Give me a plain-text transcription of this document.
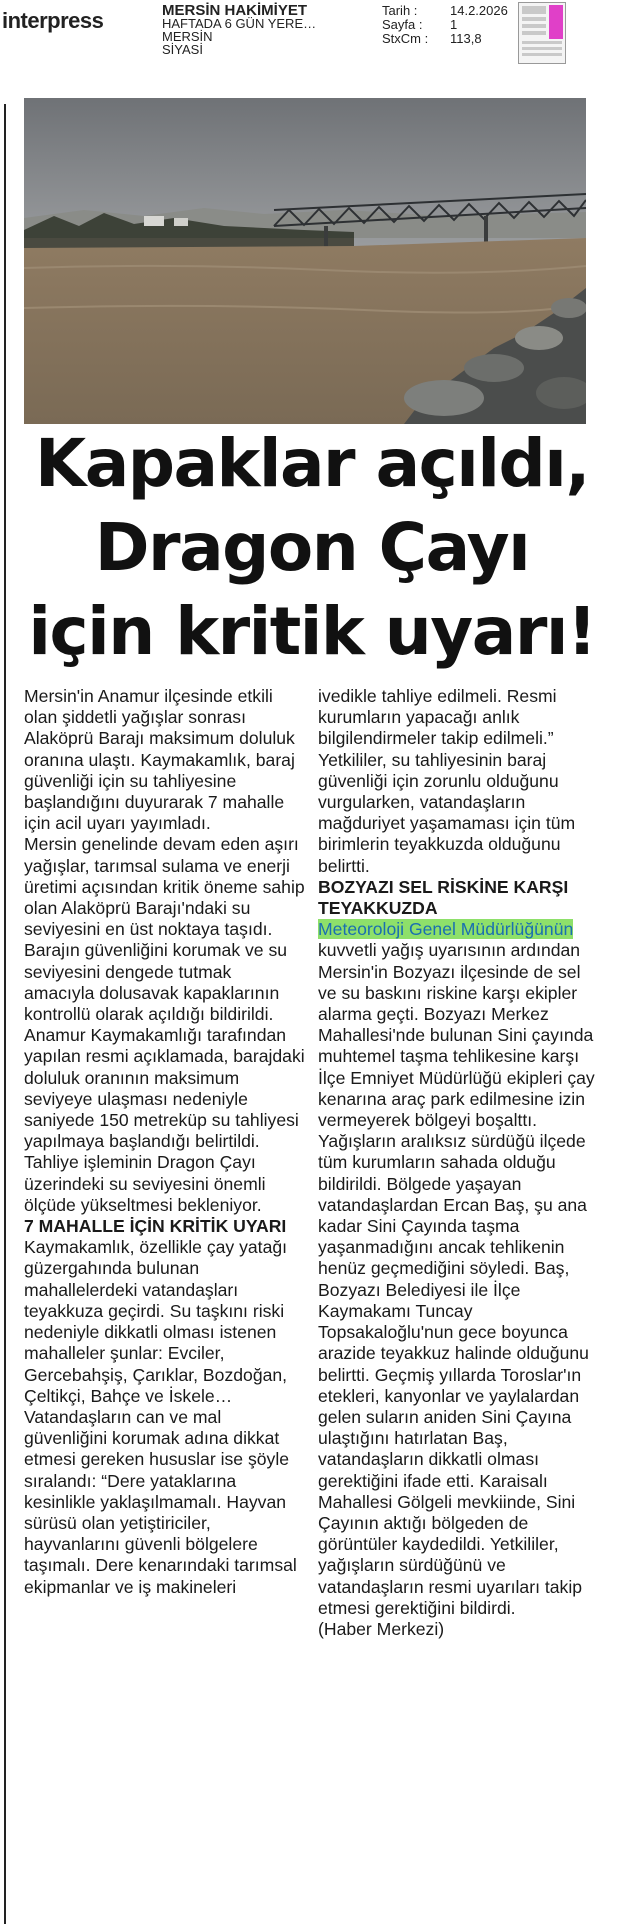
interpress	MERSİN HAKİMİYET
HAFTADA 6 GÜN YERE…
MERSİN
SİYASİ
Tarih :	14.2.2026
Sayfa :	1
StxCm :	113,8
Kapaklar açıldı,
Dragon Çayı
için kritik uyarı!

Mersin'in Anamur ilçesinde etkili olan şiddetli yağışlar sonrası Alaköprü Barajı maksimum doluluk oranına ulaştı. Kaymakamlık, baraj güvenliği için su tahliyesine başlandığını duyurarak 7 mahalle için acil uyarı yayımladı.

Mersin genelinde devam eden aşırı yağışlar, tarımsal sulama ve enerji üretimi açısından kritik öneme sahip olan Alaköprü Barajı'ndaki su seviyesini en üst noktaya taşıdı. Barajın güvenliğini korumak ve su seviyesini dengede tutmak amacıyla dolusavak kapaklarının kontrollü olarak açıldığı bildirildi. Anamur Kaymakamlığı tarafından yapılan resmi açıklamada, barajdaki doluluk oranının maksimum seviyeye ulaşması nedeniyle saniyede 150 metreküp su tahliyesi yapılmaya başlandığı belirtildi. Tahliye işleminin Dragon Çayı üzerindeki su seviyesini önemli ölçüde yükseltmesi bekleniyor.

7 MAHALLE İÇİN KRİTİK UYARI

Kaymakamlık, özellikle çay yatağı güzergahında bulunan mahallelerdeki vatandaşları teyakkuza geçirdi. Su taşkını riski nedeniyle dikkatli olması istenen mahalleler şunlar: Evciler, Gercebahşiş, Çarıklar, Bozdoğan, Çeltikçi, Bahçe ve İskele…

Vatandaşların can ve mal güvenliğini korumak adına dikkat etmesi gereken hususlar ise şöyle sıralandı: “Dere yataklarına kesinlikle yaklaşılmamalı. Hayvan sürüsü olan yetiştiriciler, hayvanlarını güvenli bölgelere taşımalı. Dere kenarındaki tarımsal ekipmanlar ve iş makineleri

ivedikle tahliye edilmeli. Resmi kurumların yapacağı anlık bilgilendirmeler takip edilmeli.” Yetkililer, su tahliyesinin baraj güvenliği için zorunlu olduğunu vurgularken, vatandaşların mağduriyet yaşamaması için tüm birimlerin teyakkuzda olduğunu belirtti.

BOZYAZI SEL RİSKİNE KARŞI TEYAKKUZDA

Meteoroloji Genel Müdürlüğünün kuvvetli yağış uyarısının ardından Mersin'in Bozyazı ilçesinde de sel ve su baskını riskine karşı ekipler alarma geçti. Bozyazı Merkez Mahallesi'nde bulunan Sini çayında muhtemel taşma tehlikesine karşı İlçe Emniyet Müdürlüğü ekipleri çay kenarına araç park edilmesine izin vermeyerek bölgeyi boşalttı. Yağışların aralıksız sürdüğü ilçede tüm kurumların sahada olduğu bildirildi. Bölgede yaşayan vatandaşlardan Ercan Baş, şu ana kadar Sini Çayında taşma yaşanmadığını ancak tehlikenin henüz geçmediğini söyledi. Baş, Bozyazı Belediyesi ile İlçe Kaymakamı Tuncay Topsakaloğlu'nun gece boyunca arazide teyakkuz halinde olduğunu belirtti. Geçmiş yıllarda Toroslar'ın etekleri, kanyonlar ve yaylalardan gelen suların aniden Sini Çayına ulaştığını hatırlatan Baş, vatandaşların dikkatli olması gerektiğini ifade etti. Karaisalı Mahallesi Gölgeli mevkiinde, Sini Çayının aktığı bölgeden de görüntüler kaydedildi. Yetkililer, yağışların sürdüğünü ve vatandaşların resmi uyarıları takip etmesi gerektiğini bildirdi.

(Haber Merkezi)
